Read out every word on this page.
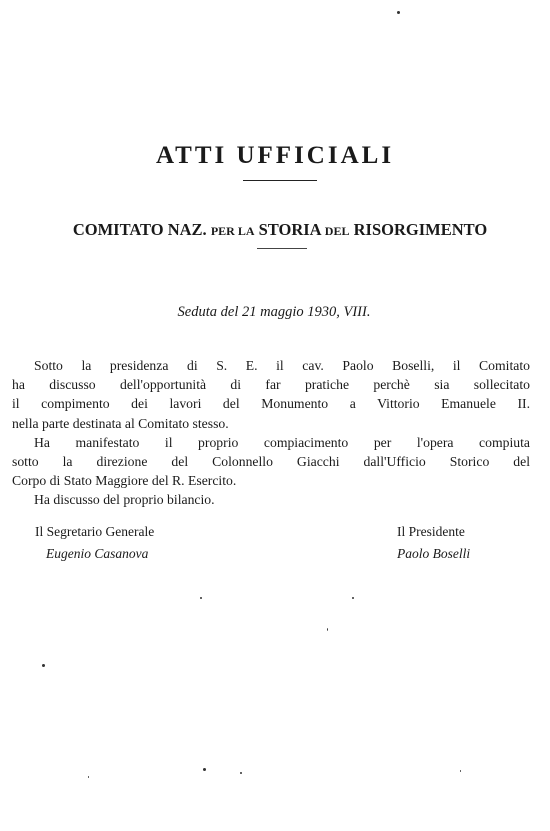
ATTI UFFICIALI
COMITATO NAZ. PER LA STORIA DEL RISORGIMENTO
Seduta del 21 maggio 1930, VIII.

Sotto la presidenza di S. E. il cav. Paolo Boselli, il Comitato

ha discusso dell'opportunità di far pratiche perchè sia sollecitato

il compimento dei lavori del Monumento a Vittorio Emanuele II.

nella parte destinata al Comitato stesso.

Ha manifestato il proprio compiacimento per l'opera compiuta

sotto la direzione del Colonnello Giacchi dall'Ufficio Storico del

Corpo di Stato Maggiore del R. Esercito.

Ha discusso del proprio bilancio.

Il Segretario Generale
Eugenio Casanova
Il Presidente
Paolo Boselli
